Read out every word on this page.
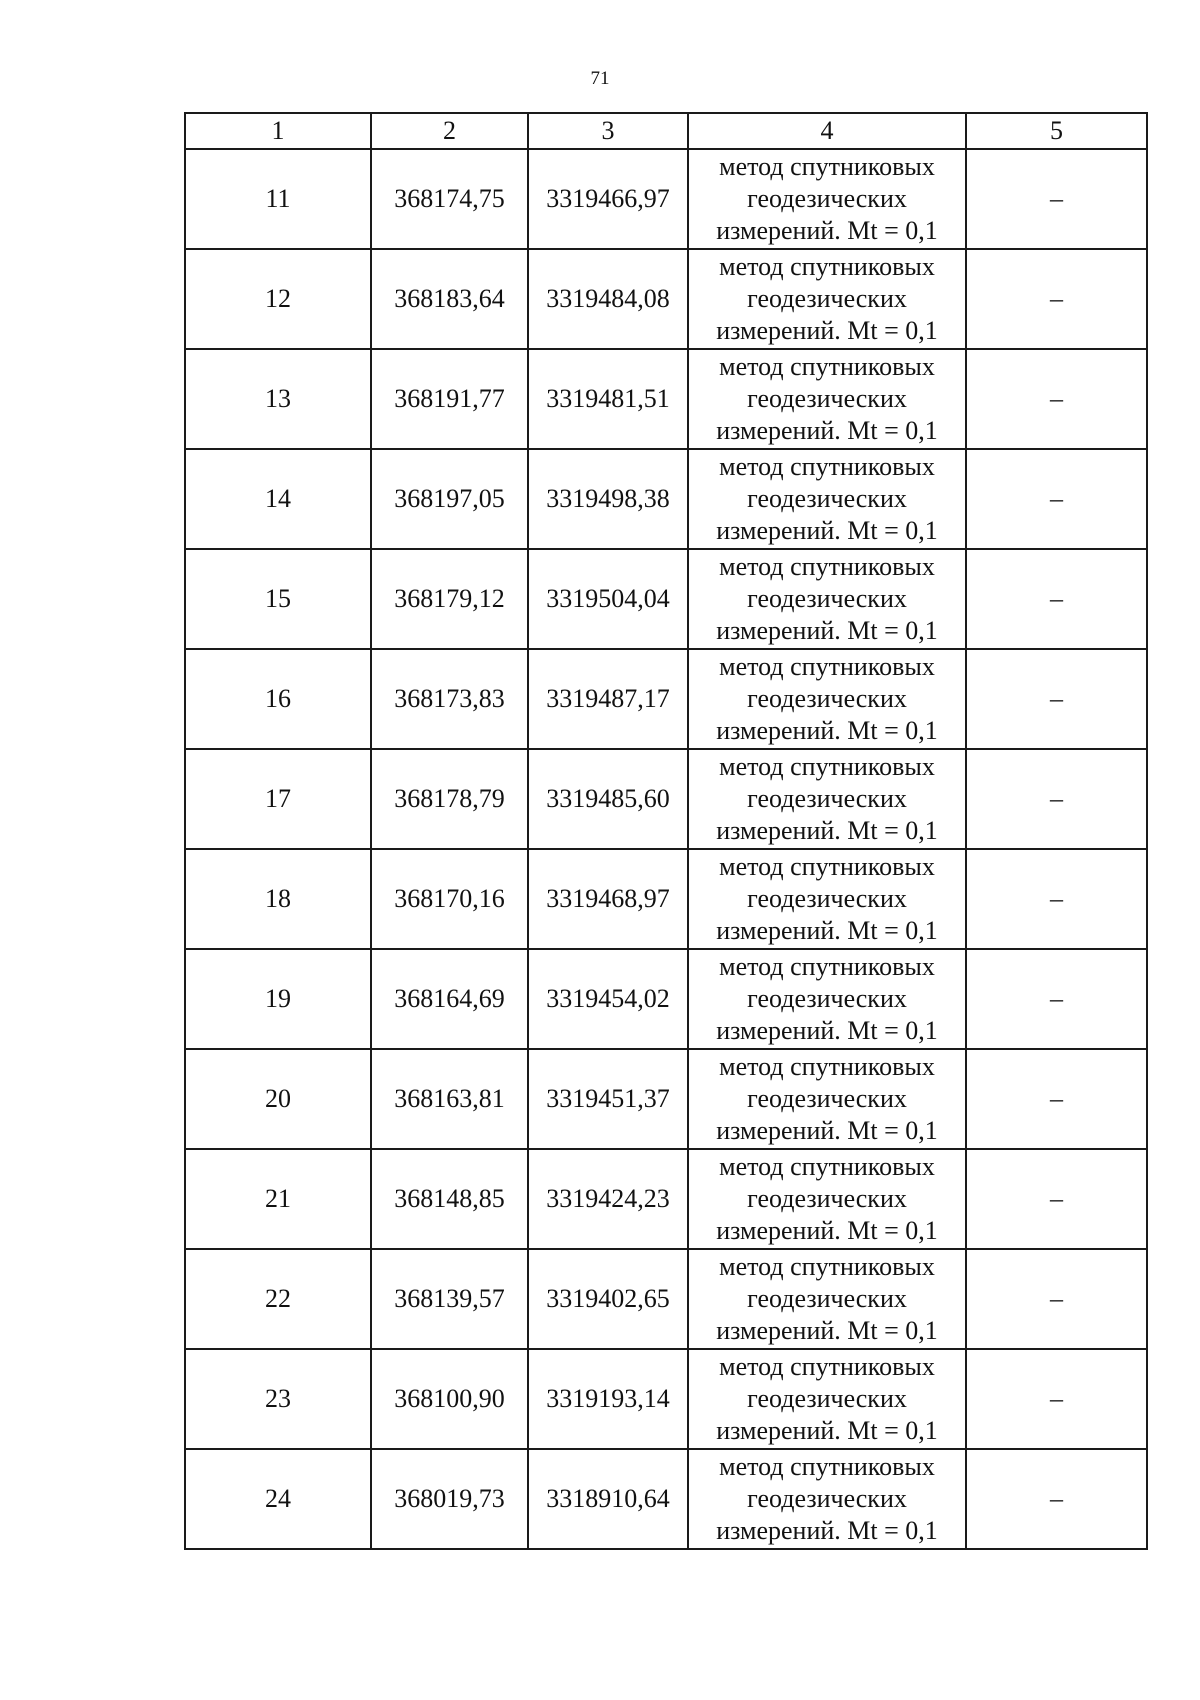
71
1	2	3	4	5
11	368174,75	3319466,97	метод спутниковых
геодезических
измерений. Mt = 0,1	–
12	368183,64	3319484,08	метод спутниковых
геодезических
измерений. Mt = 0,1	–
13	368191,77	3319481,51	метод спутниковых
геодезических
измерений. Mt = 0,1	–
14	368197,05	3319498,38	метод спутниковых
геодезических
измерений. Mt = 0,1	–
15	368179,12	3319504,04	метод спутниковых
геодезических
измерений. Mt = 0,1	–
16	368173,83	3319487,17	метод спутниковых
геодезических
измерений. Mt = 0,1	–
17	368178,79	3319485,60	метод спутниковых
геодезических
измерений. Mt = 0,1	–
18	368170,16	3319468,97	метод спутниковых
геодезических
измерений. Mt = 0,1	–
19	368164,69	3319454,02	метод спутниковых
геодезических
измерений. Mt = 0,1	–
20	368163,81	3319451,37	метод спутниковых
геодезических
измерений. Mt = 0,1	–
21	368148,85	3319424,23	метод спутниковых
геодезических
измерений. Mt = 0,1	–
22	368139,57	3319402,65	метод спутниковых
геодезических
измерений. Mt = 0,1	–
23	368100,90	3319193,14	метод спутниковых
геодезических
измерений. Mt = 0,1	–
24	368019,73	3318910,64	метод спутниковых
геодезических
измерений. Mt = 0,1	–
